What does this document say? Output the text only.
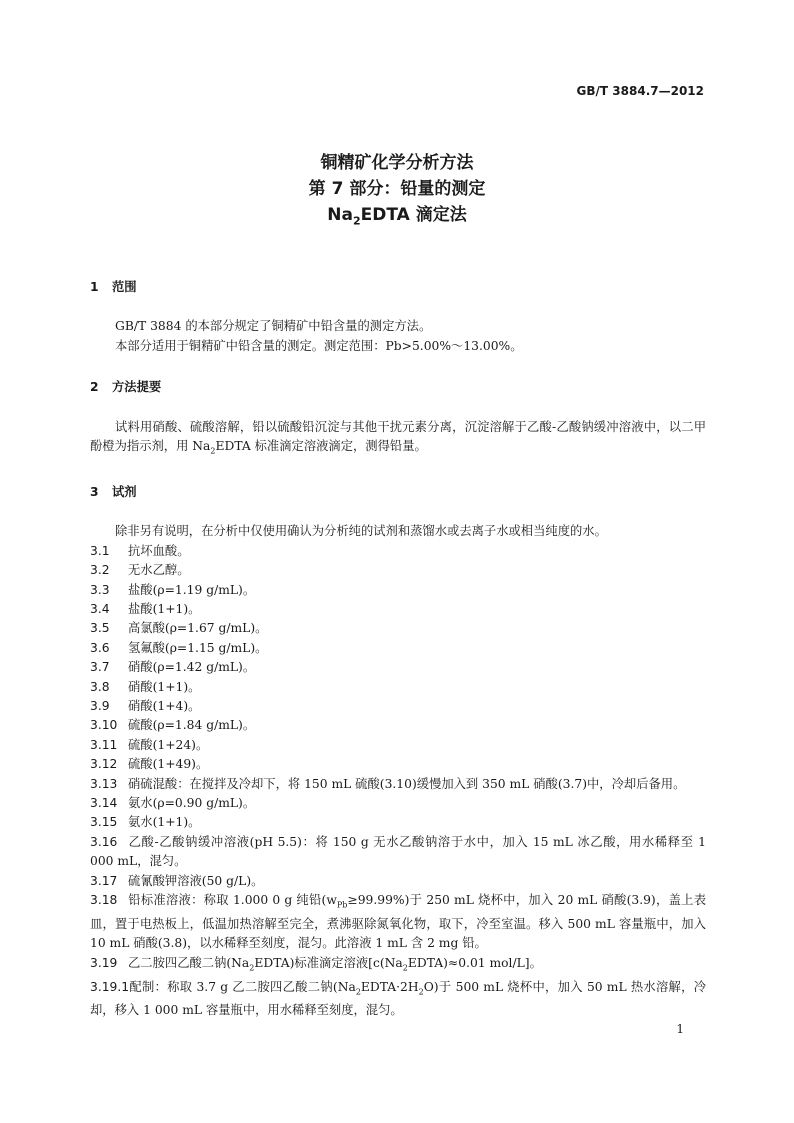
GB/T 3884.7—2012
铜精矿化学分析方法
第 7 部分：铅量的测定
$Na_2EDTA$ 滴定法

1 范围

GB/T 3884 的本部分规定了铜精矿中铅含量的测定方法。

本部分适用于铜精矿中铅含量的测定。测定范围：Pb>5.00%～13.00%。

2 方法提要

试料用硝酸、硫酸溶解，铅以硫酸铅沉淀与其他干扰元素分离，沉淀溶解于乙酸-乙酸钠缓冲溶液中，以二甲酚橙为指示剂，用 $Na_2EDTA$ 标准滴定溶液滴定，测得铅量。

3 试剂

除非另有说明，在分析中仅使用确认为分析纯的试剂和蒸馏水或去离子水或相当纯度的水。

3.1 抗坏血酸。

3.2 无水乙醇。

3.3 盐酸(ρ=1.19 g/mL)。

3.4 盐酸(1+1)。

3.5 高氯酸(ρ=1.67 g/mL)。

3.6 氢氟酸(ρ=1.15 g/mL)。

3.7 硝酸(ρ=1.42 g/mL)。

3.8 硝酸(1+1)。

3.9 硝酸(1+4)。

3.10 硫酸(ρ=1.84 g/mL)。

3.11 硫酸(1+24)。

3.12 硫酸(1+49)。

3.13 硝硫混酸：在搅拌及冷却下，将 150 mL 硫酸(3.10)缓慢加入到 350 mL 硝酸(3.7)中，冷却后备用。

3.14 氨水(ρ=0.90 g/mL)。

3.15 氨水(1+1)。

3.16 乙酸-乙酸钠缓冲溶液(pH 5.5)：将 150 g 无水乙酸钠溶于水中，加入 15 mL 冰乙酸，用水稀释至 1 000 mL，混匀。

3.17 硫氰酸钾溶液(50 g/L)。

3.18 铅标准溶液：称取 1.000 0 g 纯铅$(w_{Pb}\ge 99.99\%)$于 250 mL 烧杯中，加入 20 mL 硝酸(3.9)，盖上表皿，置于电热板上，低温加热溶解至完全，煮沸驱除氮氧化物，取下，冷至室温。移入 500 mL 容量瓶中，加入 10 mL 硝酸(3.8)，以水稀释至刻度，混匀。此溶液 1 mL 含 2 mg 铅。

3.19 乙二胺四乙酸二钠$(Na_2EDTA)$标准滴定溶液[$c(Na_2EDTA)\approx 0.01$ mol/L]。

3.19.1配制：称取 3.7 g 乙二胺四乙酸二钠$(Na_2EDTA\cdot 2H_2O)$于 500 mL 烧杯中，加入 50 mL 热水溶解，冷却，移入 1 000 mL 容量瓶中，用水稀释至刻度，混匀。

1
